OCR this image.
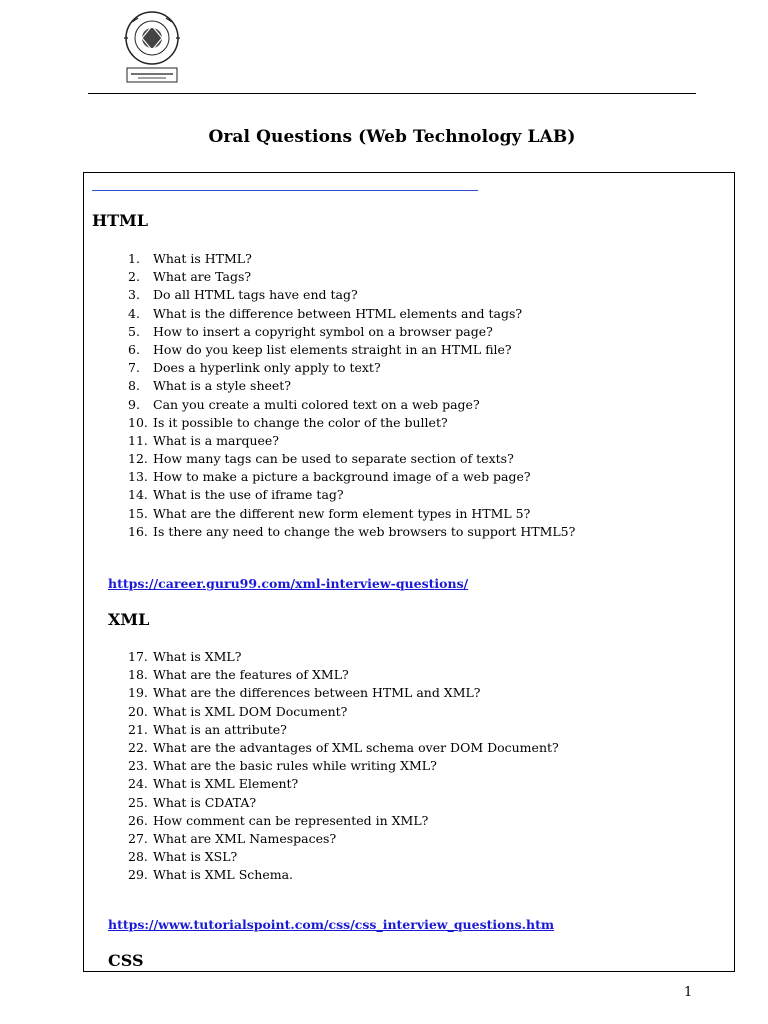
Oral Questions (Web Technology LAB)
HTML
1. What is HTML?
2. What are Tags?
3. Do all HTML tags have end tag?
4. What is the difference between HTML elements and tags?
5. How to insert a copyright symbol on a browser page?
6. How do you keep list elements straight in an HTML file?
7. Does a hyperlink only apply to text?
8. What is a style sheet?
9. Can you create a multi colored text on a web page?
10. Is it possible to change the color of the bullet?
11. What is a marquee?
12. How many tags can be used to separate section of texts?
13. How to make a picture a background image of a web page?
14. What is the use of iframe tag?
15. What are the different new form element types in HTML 5?
16. Is there any need to change the web browsers to support HTML5?
https://career.guru99.com/xml-interview-questions/
XML
17. What is XML?
18. What are the features of XML?
19. What are the differences between HTML and XML?
20. What is XML DOM Document?
21. What is an attribute?
22. What are the advantages of XML schema over DOM Document?
23. What are the basic rules while writing XML?
24. What is XML Element?
25. What is CDATA?
26. How comment can be represented in XML?
27. What are XML Namespaces?
28. What is XSL?
29. What is XML Schema.
https://www.tutorialspoint.com/css/css_interview_questions.htm
CSS
1
